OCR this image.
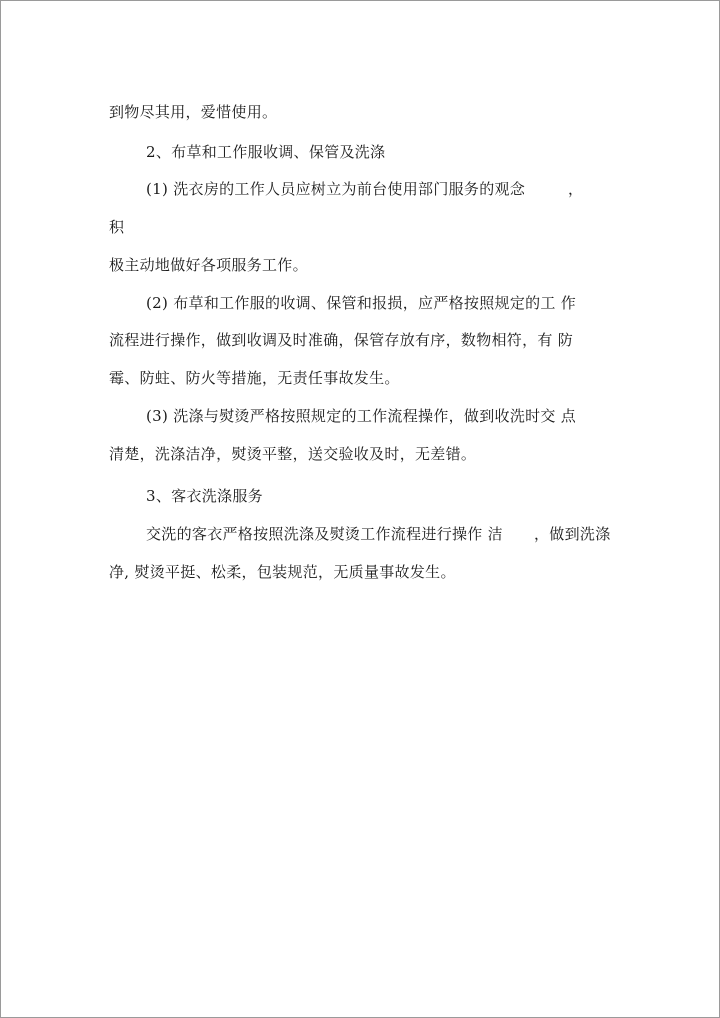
到物尽其用，爱惜使用。
2、布草和工作服收调、保管及洗涤
(1) 洗衣房的工作人员应树立为前台使用部门服务的观念	，
积
极主动地做好各项服务工作。
(2) 布草和工作服的收调、保管和报损，应严格按照规定的工 作
流程进行操作，做到收调及时准确，保管存放有序，数物相符，有 防
霉、防蛀、防火等措施，无责任事故发生。
(3) 洗涤与熨烫严格按照规定的工作流程操作，做到收洗时交 点
清楚，洗涤洁净，熨烫平整，送交验收及时，无差错。
3、客衣洗涤服务
交洗的客衣严格按照洗涤及熨烫工作流程进行操作 洁 ，做到洗涤
净, 熨烫平挺、松柔，包装规范，无质量事故发生。
